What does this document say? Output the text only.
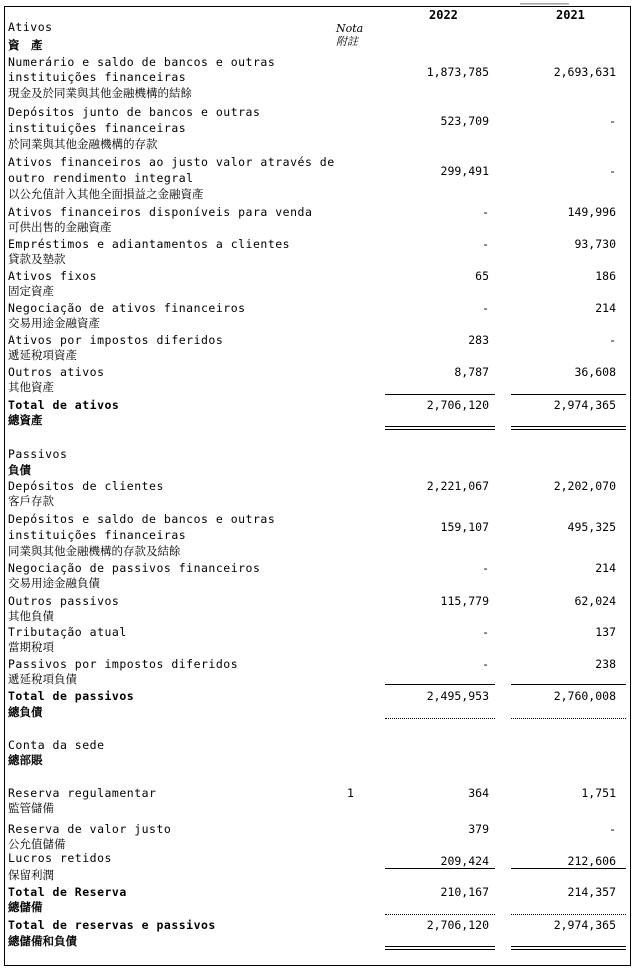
─────────
2022	2021
Nota
附註
Ativos
資　產
Numerário e saldo de bancos e outras
instituições financeiras
現金及於同業與其他金融機構的結餘
1,873,785	2,693,631
Depósitos junto de bancos e outras
instituições financeiras
於同業與其他金融機構的存款
523,709	-
Ativos financeiros ao justo valor através de
outro rendimento integral
以公允值計入其他全面損益之金融資產
299,491	-
Ativos financeiros disponíveis para venda
可供出售的金融資產
-	149,996
Empréstimos e adiantamentos a clientes
貸款及墊款
-	93,730
Ativos fixos
固定資產
65	186
Negociação de ativos financeiros
交易用途金融資產
-	214
Ativos por impostos diferidos
遞延稅項資產
283	-
Outros ativos
其他資產
8,787	36,608
Total de ativos
總資產
2,706,120	2,974,365
Passivos
負債
Depósitos de clientes
客戶存款
2,221,067	2,202,070
Depósitos e saldo de bancos e outras
instituições financeiras
同業與其他金融機構的存款及結餘
159,107	495,325
Negociação de passivos financeiros
交易用途金融負債
-	214
Outros passivos
其他負債
115,779	62,024
Tributação atual
當期稅項
-	137
Passivos por impostos diferidos
遞延稅項負債
-	238
Total de passivos
總負債
2,495,953	2,760,008
Conta da sede
總部賬
Reserva regulamentar
監管儲備
1	364	1,751
Reserva de valor justo
公允值儲備
379	-
Lucros retidos
保留利潤
209,424	212,606
Total de Reserva
總儲備
210,167	214,357
Total de reservas e passivos
總儲備和負債
2,706,120	2,974,365
